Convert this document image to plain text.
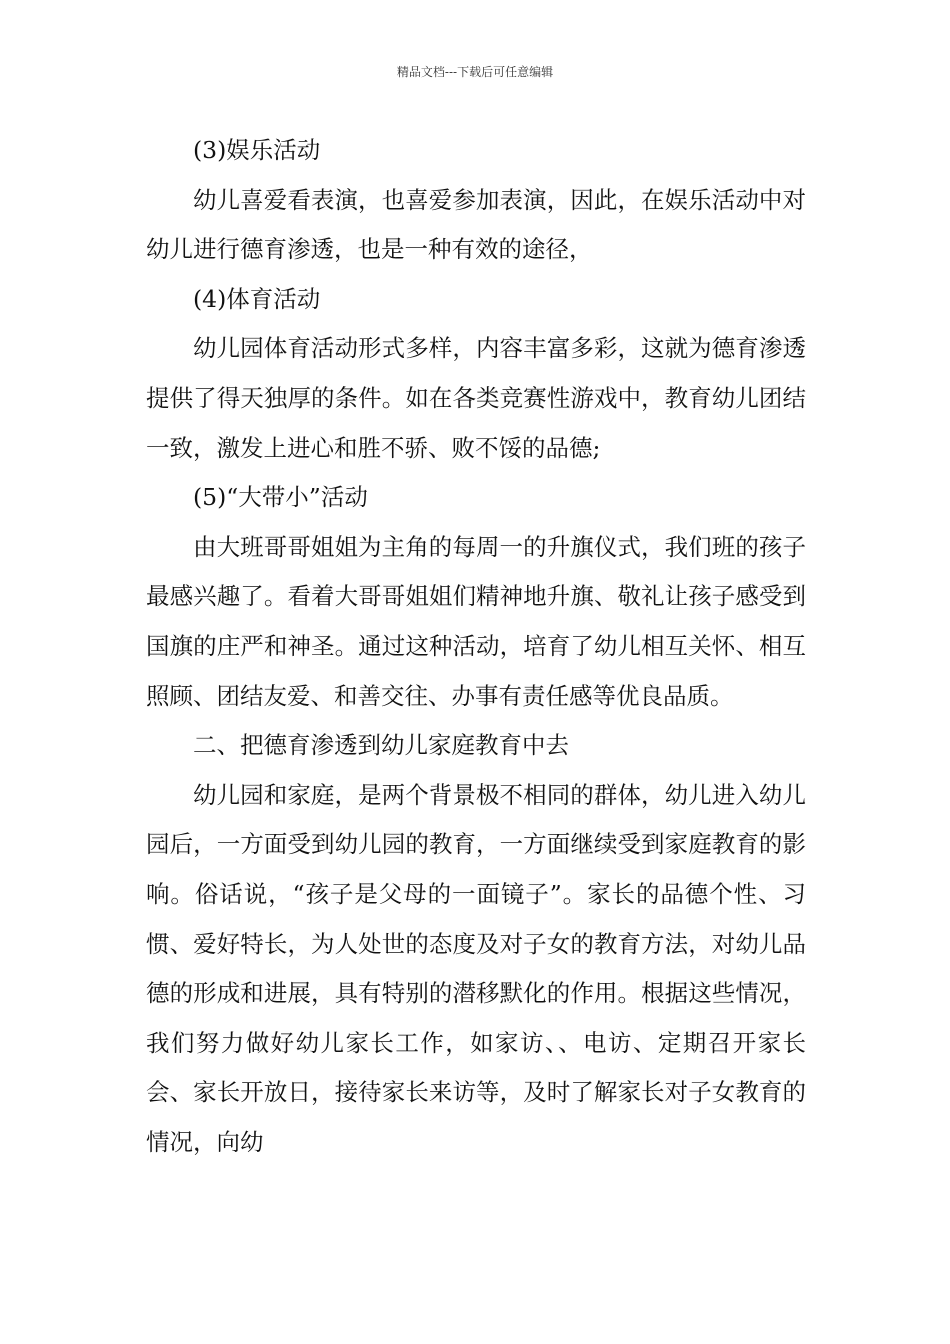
精品文档---下载后可任意编辑

(3)娱乐活动

幼儿喜爱看表演，也喜爱参加表演，因此，在娱乐活动中对幼儿进行德育渗透，也是一种有效的途径，

(4)体育活动

幼儿园体育活动形式多样，内容丰富多彩，这就为德育渗透提供了得天独厚的条件。如在各类竞赛性游戏中，教育幼儿团结一致，激发上进心和胜不骄、败不馁的品德;

(5)“大带小”活动

由大班哥哥姐姐为主角的每周一的升旗仪式，我们班的孩子最感兴趣了。看着大哥哥姐姐们精神地升旗、敬礼让孩子感受到国旗的庄严和神圣。通过这种活动，培育了幼儿相互关怀、相互照顾、团结友爱、和善交往、办事有责任感等优良品质。

二、把德育渗透到幼儿家庭教育中去

幼儿园和家庭，是两个背景极不相同的群体，幼儿进入幼儿园后，一方面受到幼儿园的教育，一方面继续受到家庭教育的影响。俗话说，“孩子是父母的一面镜子”。家长的品德个性、习惯、爱好特长，为人处世的态度及对子女的教育方法，对幼儿品德的形成和进展，具有特别的潜移默化的作用。根据这些情况，我们努力做好幼儿家长工作，如家访、、电访、定期召开家长会、家长开放日，接待家长来访等，及时了解家长对子女教育的情况，向幼
